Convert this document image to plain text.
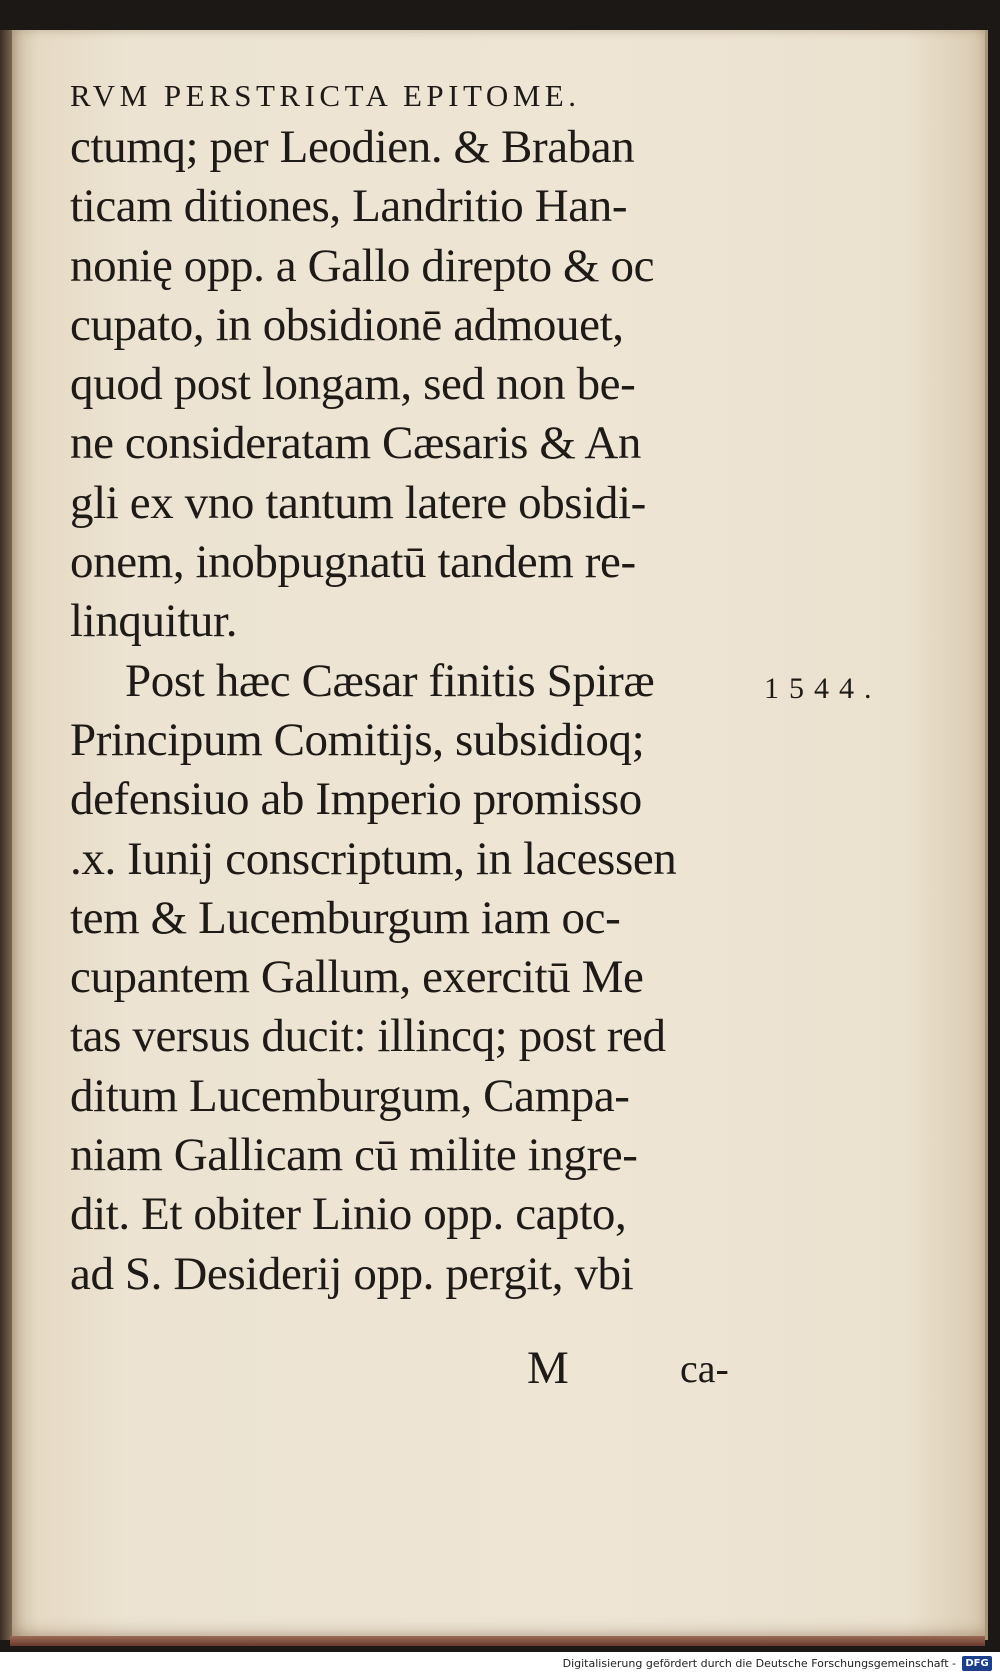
RVM PERSTRICTA EPITOME.
ctumq; per Leodien. & Braban
ticam ditiones, Landritio Han-
nonię opp. a Gallo direpto & oc
cupato, in obsidionē admouet,
quod post longam, sed non be-
ne consideratam Cæsaris & An
gli ex vno tantum latere obsidi-
onem, inobpugnatū tandem re-
linquitur.
Post hæc Cæsar finitis Spiræ
Principum Comitijs, subsidioq;
defensiuo ab Imperio promisso
.x. Iunij conscriptum, in lacessen
tem & Lucemburgum iam oc-
cupantem Gallum, exercitū Me
tas versus ducit: illincq; post red
ditum Lucemburgum, Campa-
niam Gallicam cū milite ingre-
dit. Et obiter Linio opp. capto,
ad S. Desiderij opp. pergit, vbi
1544.
M	ca-
Digitalisierung gefördert durch die Deutsche Forschungsgemeinschaft - DFG
